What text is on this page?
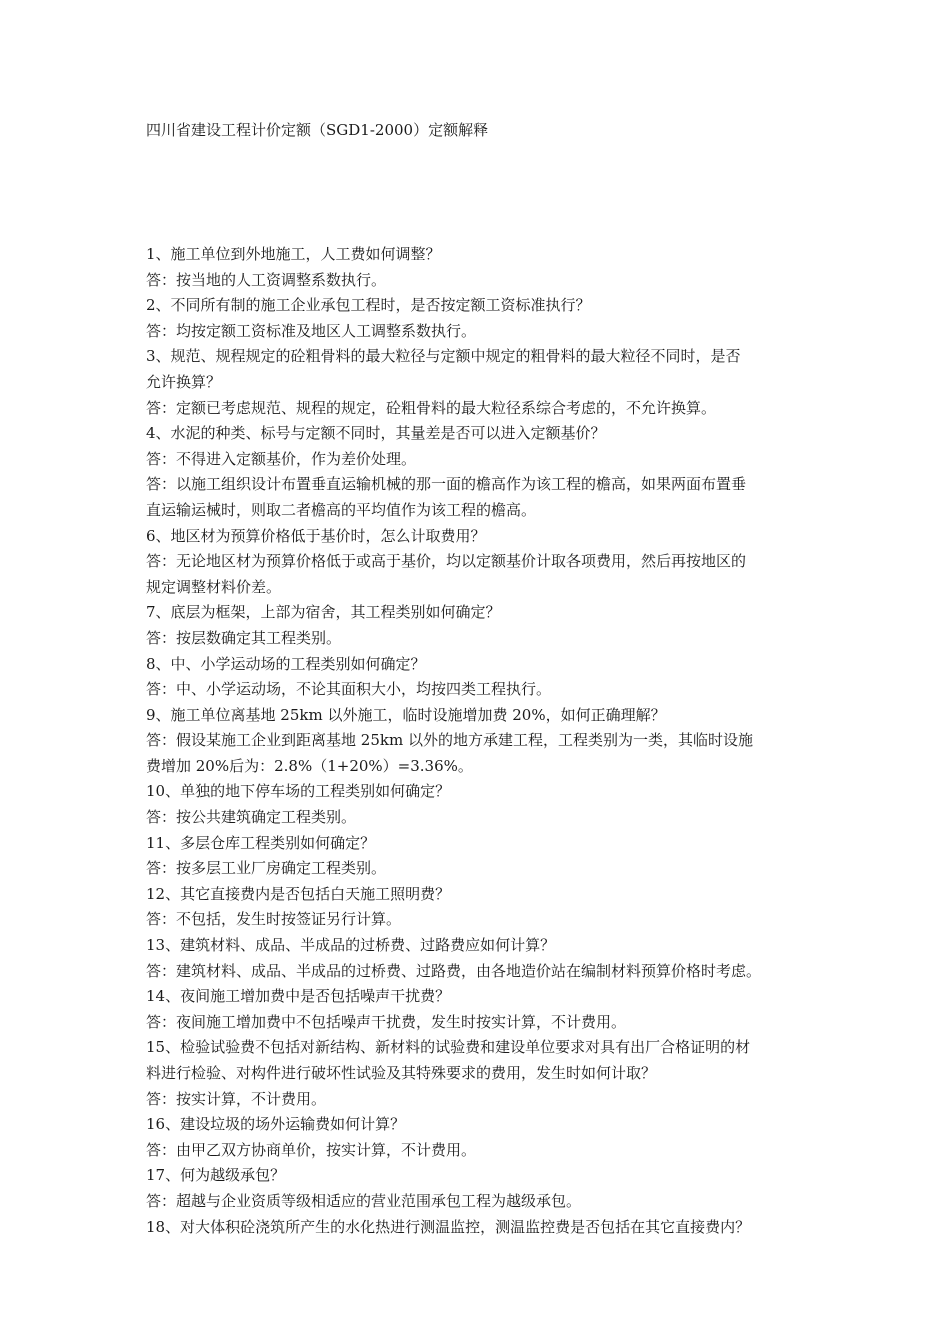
四川省建设工程计价定额（SGD1-2000）定额解释

1、施工单位到外地施工，人工费如何调整？

答：按当地的人工资调整系数执行。

2、不同所有制的施工企业承包工程时，是否按定额工资标准执行？

答：均按定额工资标准及地区人工调整系数执行。

3、规范、规程规定的砼粗骨料的最大粒径与定额中规定的粗骨料的最大粒径不同时，是否

允许换算？

答：定额已考虑规范、规程的规定，砼粗骨料的最大粒径系综合考虑的，不允许换算。

4、水泥的种类、标号与定额不同时，其量差是否可以进入定额基价？

答：不得进入定额基价，作为差价处理。

答：以施工组织设计布置垂直运输机械的那一面的檐高作为该工程的檐高，如果两面布置垂

直运输运械时，则取二者檐高的平均值作为该工程的檐高。

6、地区材为预算价格低于基价时，怎么计取费用？

答：无论地区材为预算价格低于或高于基价，均以定额基价计取各项费用，然后再按地区的

规定调整材料价差。

7、底层为框架，上部为宿舍，其工程类别如何确定？

答：按层数确定其工程类别。

8、中、小学运动场的工程类别如何确定？

答：中、小学运动场，不论其面积大小，均按四类工程执行。

9、施工单位离基地 25km 以外施工，临时设施增加费 20%，如何正确理解？

答：假设某施工企业到距离基地 25km 以外的地方承建工程，工程类别为一类，其临时设施

费增加 20%后为：2.8%（1+20%）=3.36%。

10、单独的地下停车场的工程类别如何确定？

答：按公共建筑确定工程类别。

11、多层仓库工程类别如何确定？

答：按多层工业厂房确定工程类别。

12、其它直接费内是否包括白天施工照明费？

答：不包括，发生时按签证另行计算。

13、建筑材料、成品、半成品的过桥费、过路费应如何计算？

答：建筑材料、成品、半成品的过桥费、过路费，由各地造价站在编制材料预算价格时考虑。

14、夜间施工增加费中是否包括噪声干扰费？

答：夜间施工增加费中不包括噪声干扰费，发生时按实计算，不计费用。

15、检验试验费不包括对新结构、新材料的试验费和建设单位要求对具有出厂合格证明的材

料进行检验、对构件进行破坏性试验及其特殊要求的费用，发生时如何计取？

答：按实计算，不计费用。

16、建设垃圾的场外运输费如何计算？

答：由甲乙双方协商单价，按实计算，不计费用。

17、何为越级承包？

答：超越与企业资质等级相适应的营业范围承包工程为越级承包。

18、对大体积砼浇筑所产生的水化热进行测温监控，测温监控费是否包括在其它直接费内？
